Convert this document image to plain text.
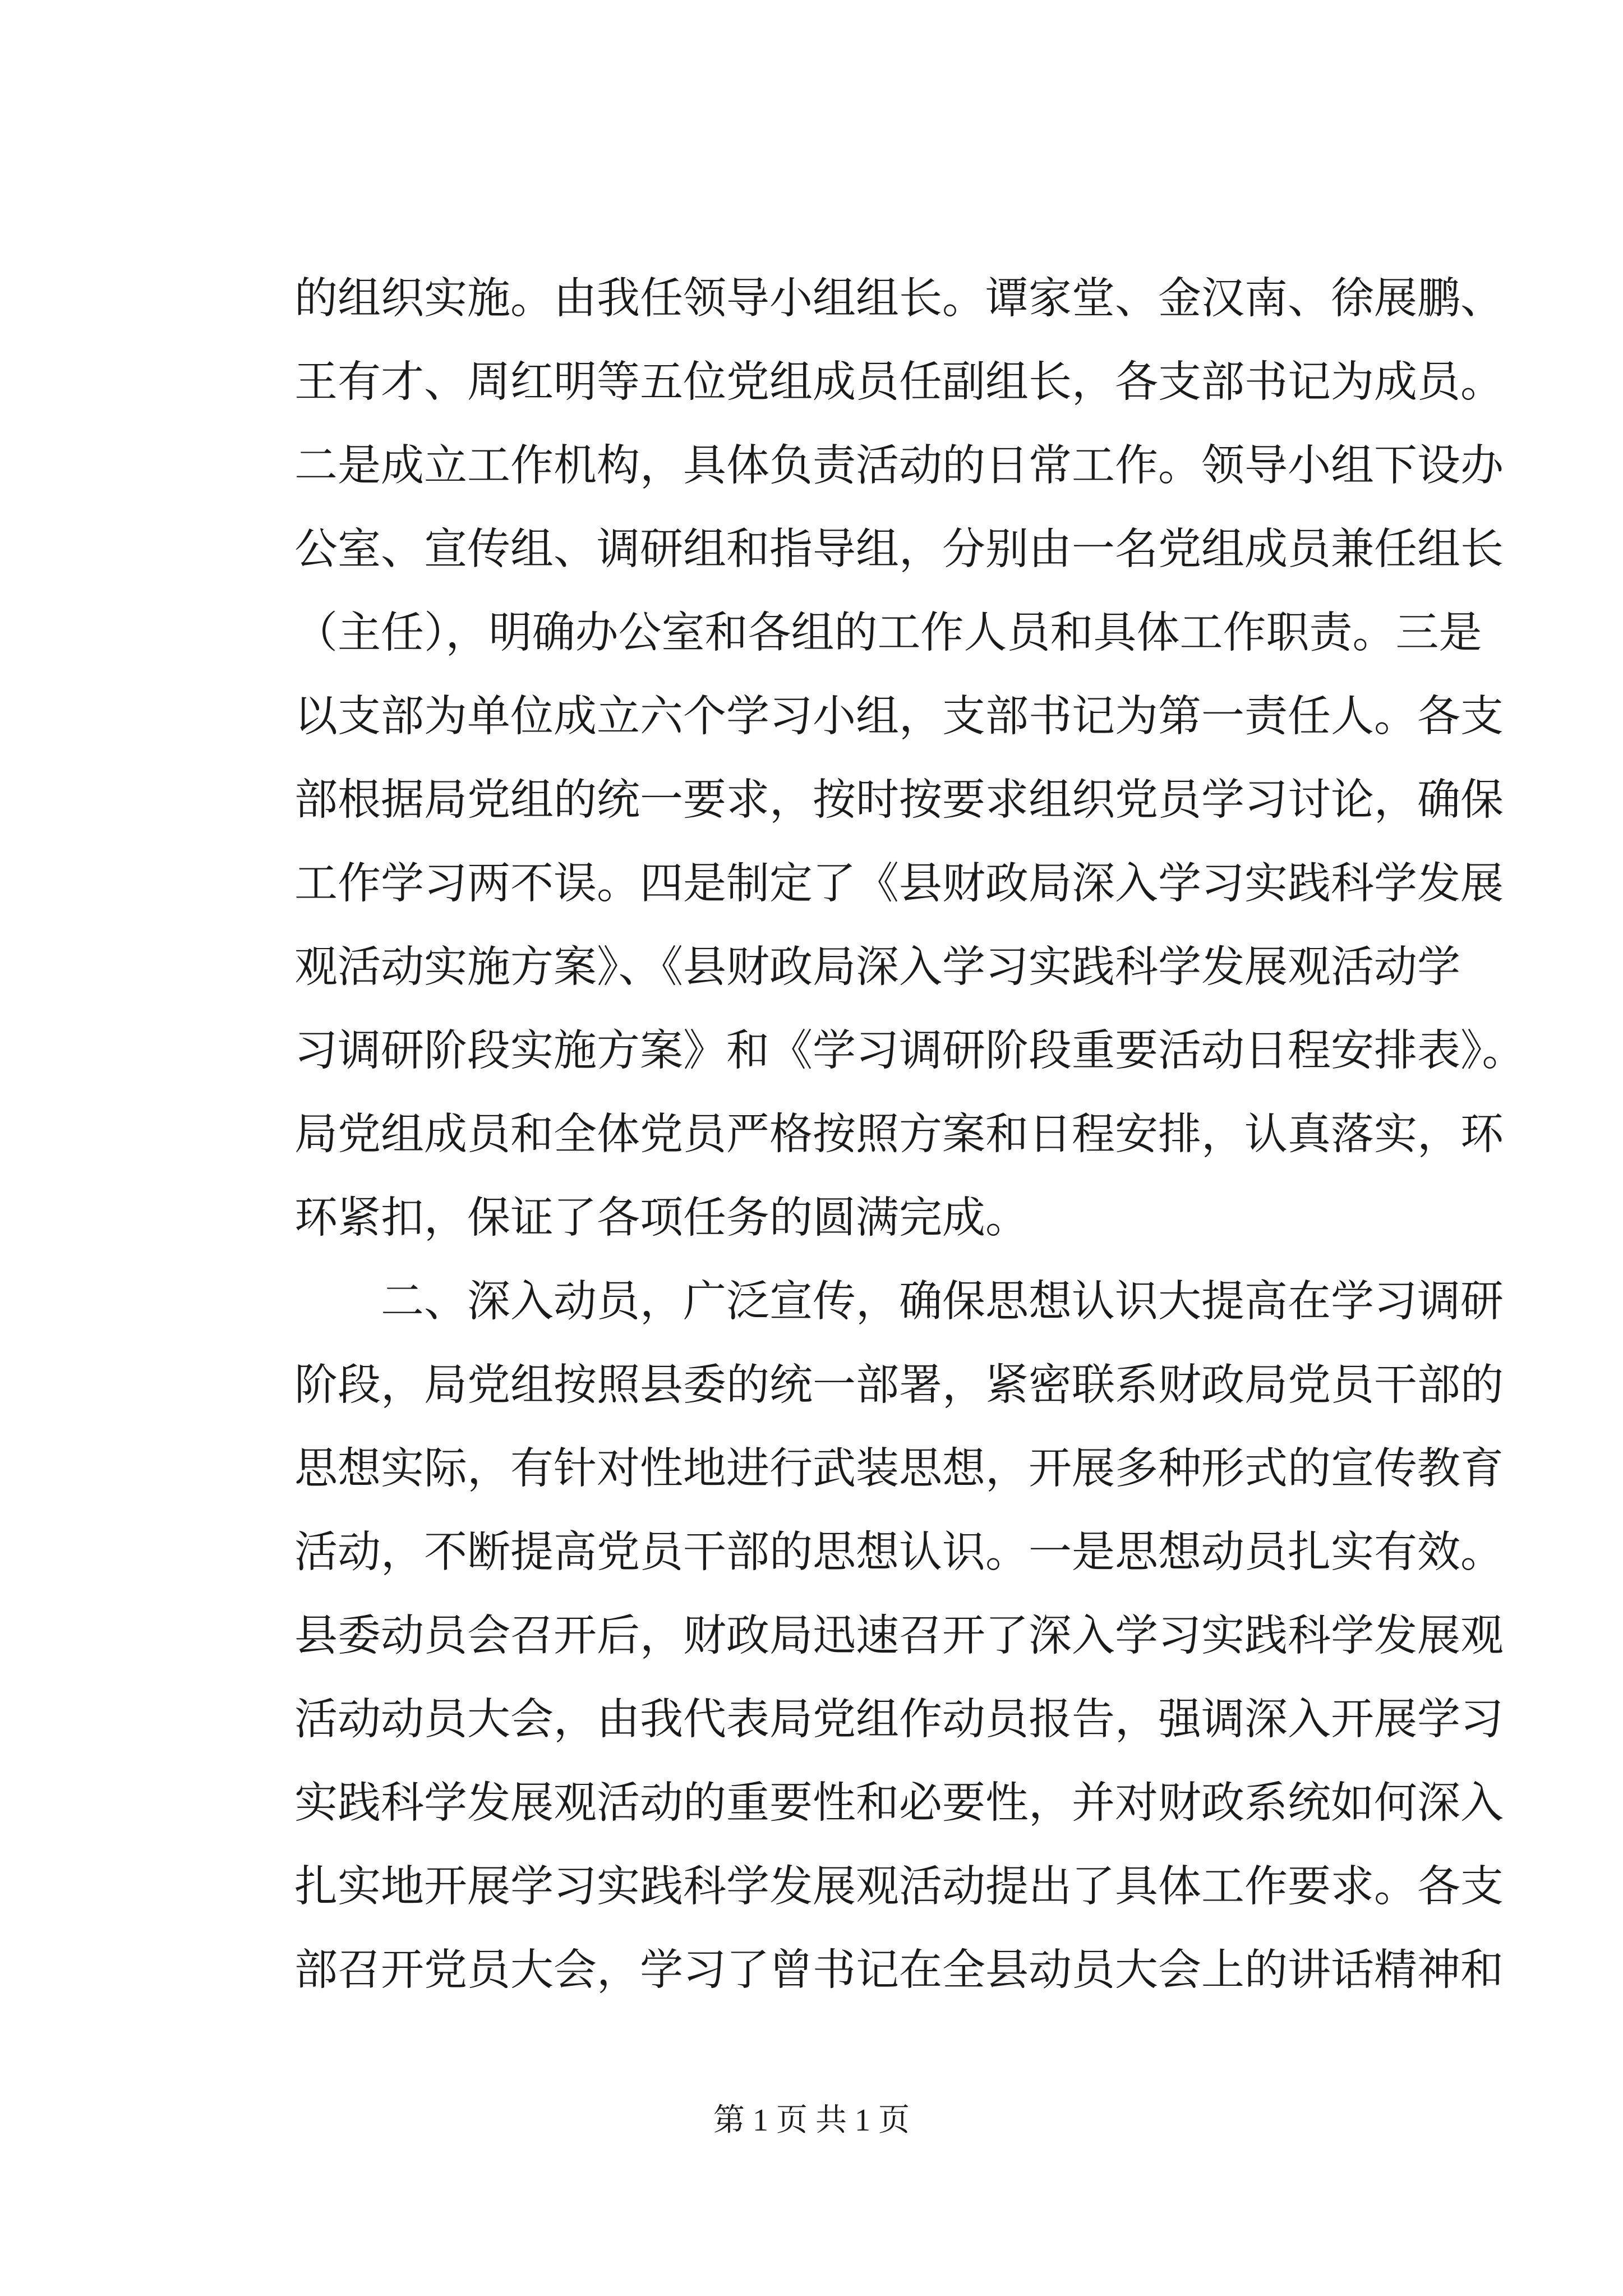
的组织实施。由我任领导小组组长。谭家堂、金汉南、徐展鹏、
王有才、周红明等五位党组成员任副组长，各支部书记为成员。
二是成立工作机构，具体负责活动的日常工作。领导小组下设办
公室、宣传组、调研组和指导组，分别由一名党组成员兼任组长
（主任），明确办公室和各组的工作人员和具体工作职责。三是
以支部为单位成立六个学习小组，支部书记为第一责任人。各支
部根据局党组的统一要求，按时按要求组织党员学习讨论，确保
工作学习两不误。四是制定了《县财政局深入学习实践科学发展
观活动实施方案》、《县财政局深入学习实践科学发展观活动学
习调研阶段实施方案》和《学习调研阶段重要活动日程安排表》。
局党组成员和全体党员严格按照方案和日程安排，认真落实，环
环紧扣，保证了各项任务的圆满完成。
　　二、深入动员，广泛宣传，确保思想认识大提高在学习调研
阶段，局党组按照县委的统一部署，紧密联系财政局党员干部的
思想实际，有针对性地进行武装思想，开展多种形式的宣传教育
活动，不断提高党员干部的思想认识。一是思想动员扎实有效。
县委动员会召开后，财政局迅速召开了深入学习实践科学发展观
活动动员大会，由我代表局党组作动员报告，强调深入开展学习
实践科学发展观活动的重要性和必要性，并对财政系统如何深入
扎实地开展学习实践科学发展观活动提出了具体工作要求。各支
部召开党员大会，学习了曾书记在全县动员大会上的讲话精神和
第 1 页 共 1 页
